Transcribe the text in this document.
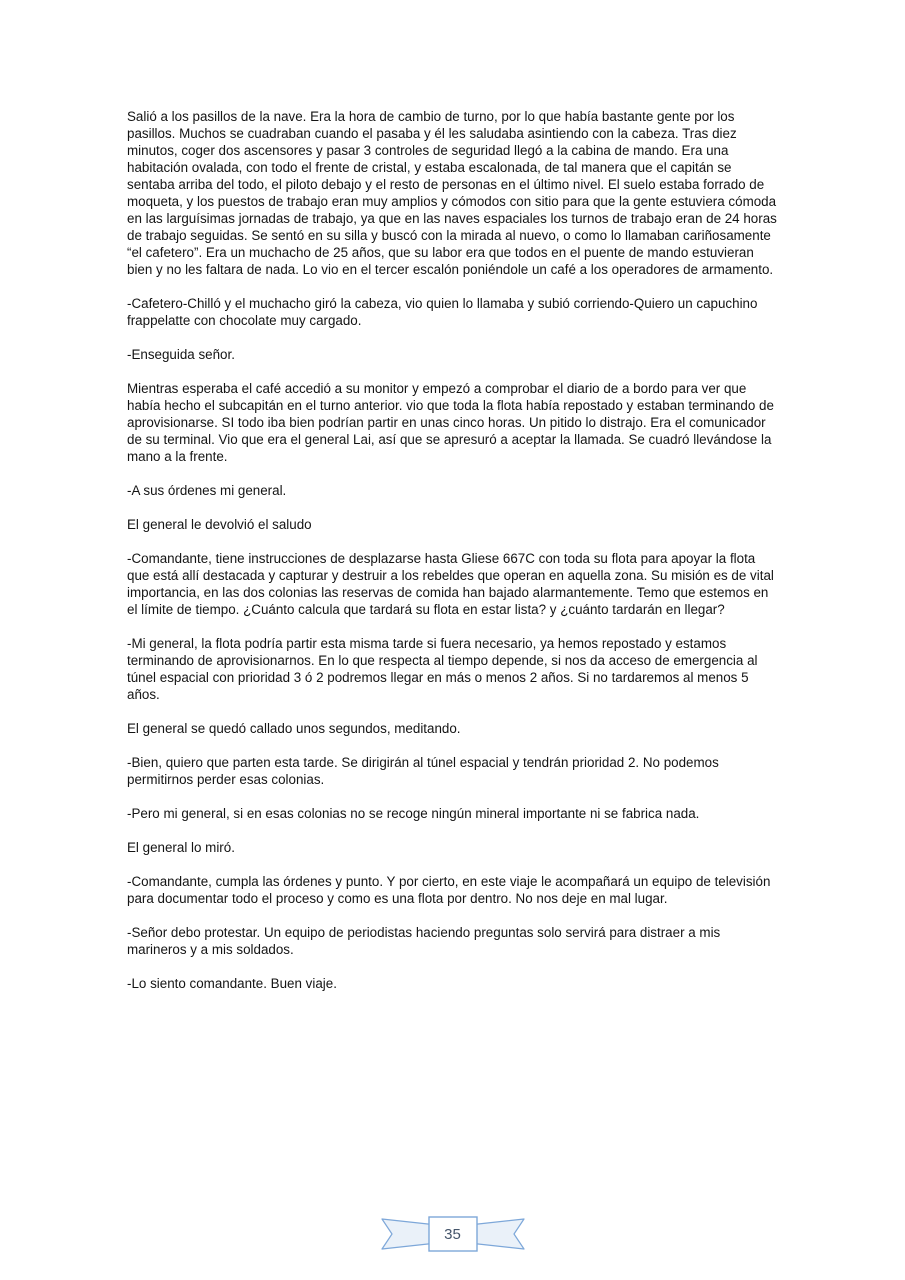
Salió a los pasillos de la nave. Era la hora de cambio de turno, por lo que había bastante gente por los pasillos. Muchos se cuadraban cuando el pasaba y él les saludaba asintiendo con la cabeza. Tras diez minutos, coger dos ascensores y pasar 3 controles de seguridad llegó a la cabina de mando. Era una habitación ovalada, con todo el frente de cristal, y estaba escalonada, de tal manera que el capitán se sentaba arriba del todo, el piloto debajo y el resto de personas en el último nivel. El suelo estaba forrado de moqueta, y los puestos de trabajo eran muy amplios y cómodos con sitio para que la gente estuviera cómoda en las larguísimas jornadas de trabajo, ya que en las naves espaciales los turnos de trabajo eran de 24 horas de trabajo seguidas. Se sentó en su silla y buscó con la mirada al nuevo, o como lo llamaban cariñosamente “el cafetero”. Era un muchacho de 25 años, que su labor era que todos en el puente de mando estuvieran bien y no les faltara de nada. Lo vio en el tercer escalón poniéndole un café a los operadores de armamento.

-Cafetero-Chilló y el muchacho giró la cabeza, vio quien lo llamaba y subió corriendo-Quiero un capuchino frappelatte con chocolate muy cargado.

-Enseguida señor.

Mientras esperaba el café accedió a su monitor y empezó a comprobar el diario de a bordo para ver que había hecho el subcapitán en el turno anterior. vio que toda la flota había repostado y estaban terminando de aprovisionarse. SI todo iba bien podrían partir en unas cinco horas. Un pitido lo distrajo. Era el comunicador de su terminal. Vio que era el general Lai, así que se apresuró a aceptar la llamada. Se cuadró llevándose la mano a la frente.

-A sus órdenes mi general.

El general le devolvió el saludo

-Comandante, tiene instrucciones de desplazarse hasta Gliese 667C con toda su flota para apoyar la flota que está allí destacada y capturar y destruir a los rebeldes que operan en aquella zona. Su misión es de vital importancia, en las dos colonias las reservas de comida han bajado alarmantemente. Temo que estemos en el límite de tiempo. ¿Cuánto calcula que tardará su flota en estar lista? y ¿cuánto tardarán en llegar?

-Mi general, la flota podría partir esta misma tarde si fuera necesario, ya hemos repostado y estamos terminando de aprovisionarnos. En lo que respecta al tiempo depende, si nos da acceso de emergencia al túnel espacial con prioridad 3 ó 2 podremos llegar en más o menos 2 años. Si no tardaremos al menos 5 años.

El general se quedó callado unos segundos, meditando.

-Bien, quiero que parten esta tarde. Se dirigirán al túnel espacial y tendrán prioridad 2. No podemos permitirnos perder esas colonias.

-Pero mi general, si en esas colonias no se recoge ningún mineral importante ni se fabrica nada.

El general lo miró.

-Comandante, cumpla las órdenes y punto. Y por cierto, en este viaje le acompañará un equipo de televisión para documentar todo el proceso y como es una flota por dentro. No nos deje en mal lugar.

-Señor debo protestar. Un equipo de periodistas haciendo preguntas solo servirá para distraer a mis marineros y a mis soldados.

-Lo siento comandante. Buen viaje.

35
